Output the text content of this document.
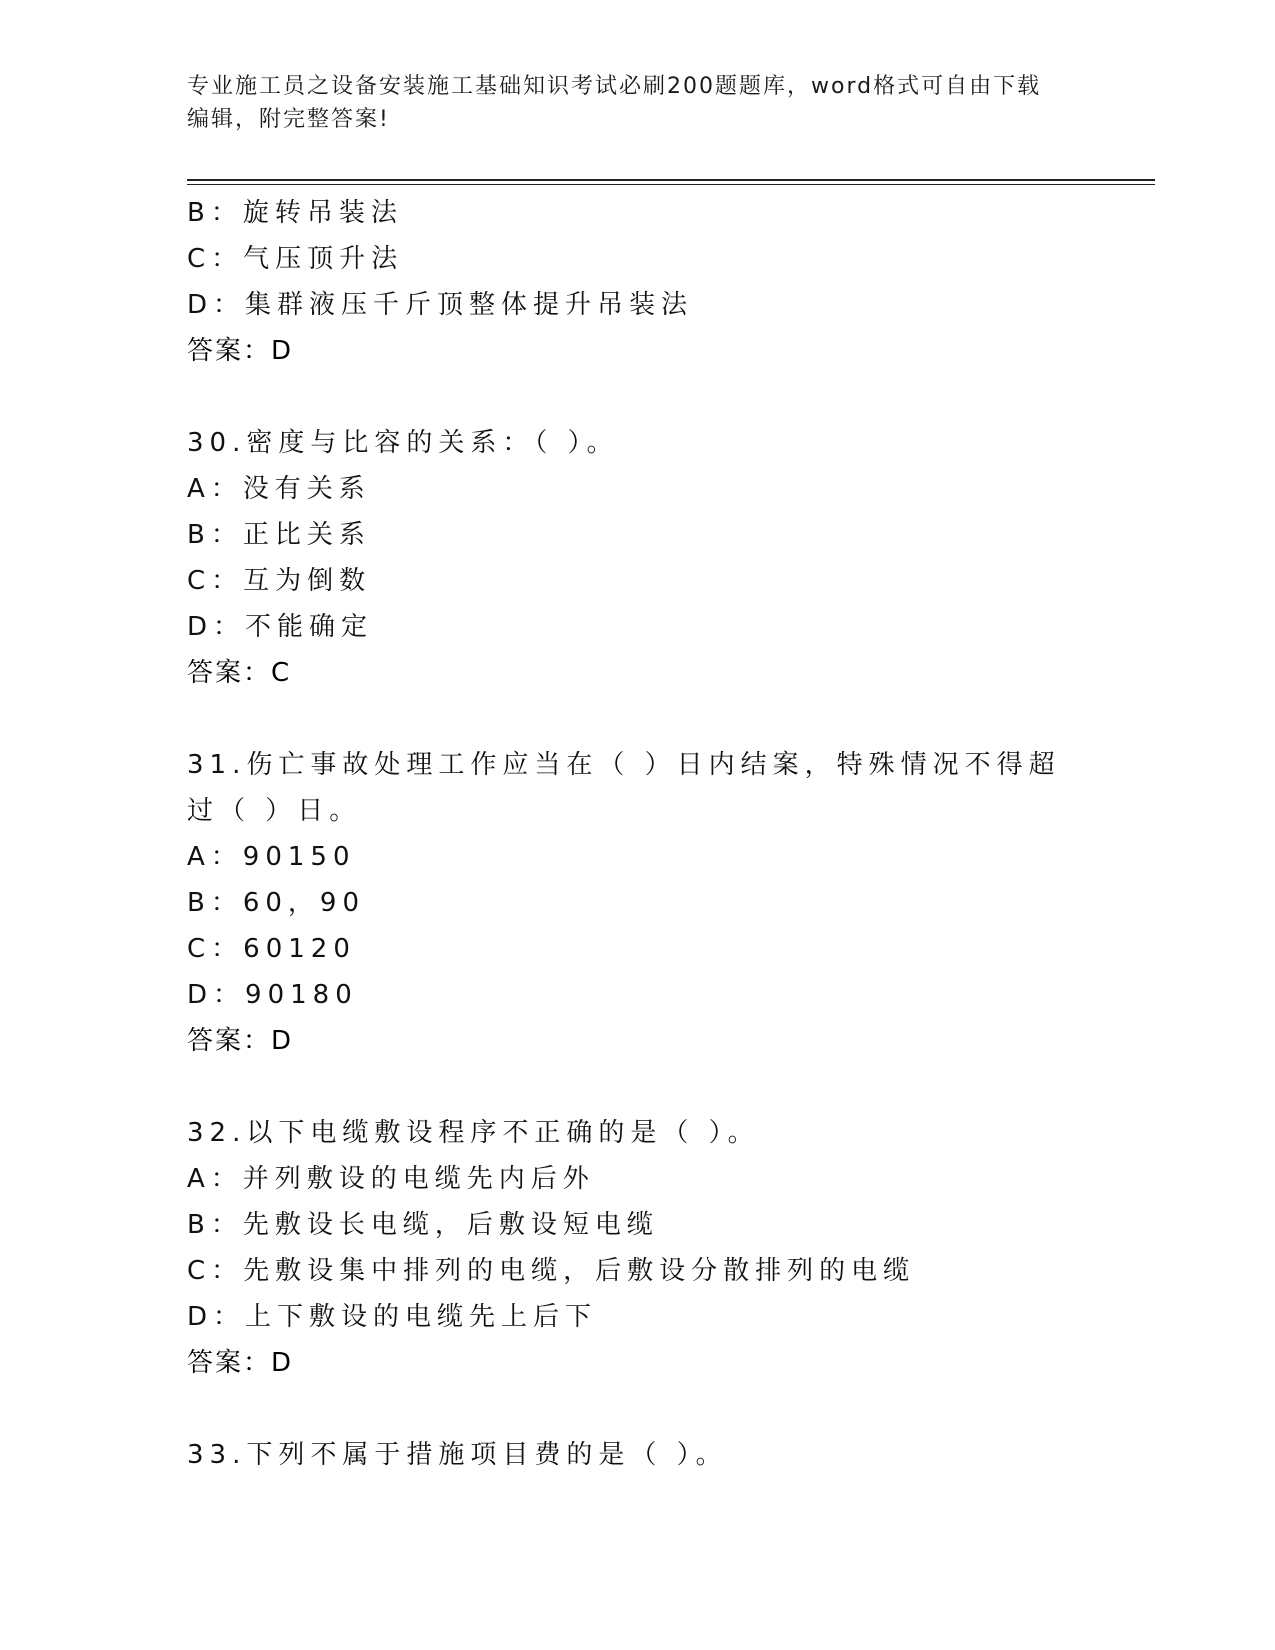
专业施工员之设备安装施工基础知识考试必刷200题题库，word格式可自由下载
编辑，附完整答案!
B：旋转吊装法
C：气压顶升法
D：集群液压千斤顶整体提升吊装法
答案：D
30.密度与比容的关系：（ ）。
A：没有关系
B：正比关系
C：互为倒数
D：不能确定
答案：C
31.伤亡事故处理工作应当在（ ）日内结案，特殊情况不得超过（ ）日。
A：90150
B：60，90
C：60120
D：90180
答案：D
32.以下电缆敷设程序不正确的是（ ）。
A：并列敷设的电缆先内后外
B：先敷设长电缆，后敷设短电缆
C：先敷设集中排列的电缆，后敷设分散排列的电缆
D：上下敷设的电缆先上后下
答案：D
33.下列不属于措施项目费的是（ ）。
